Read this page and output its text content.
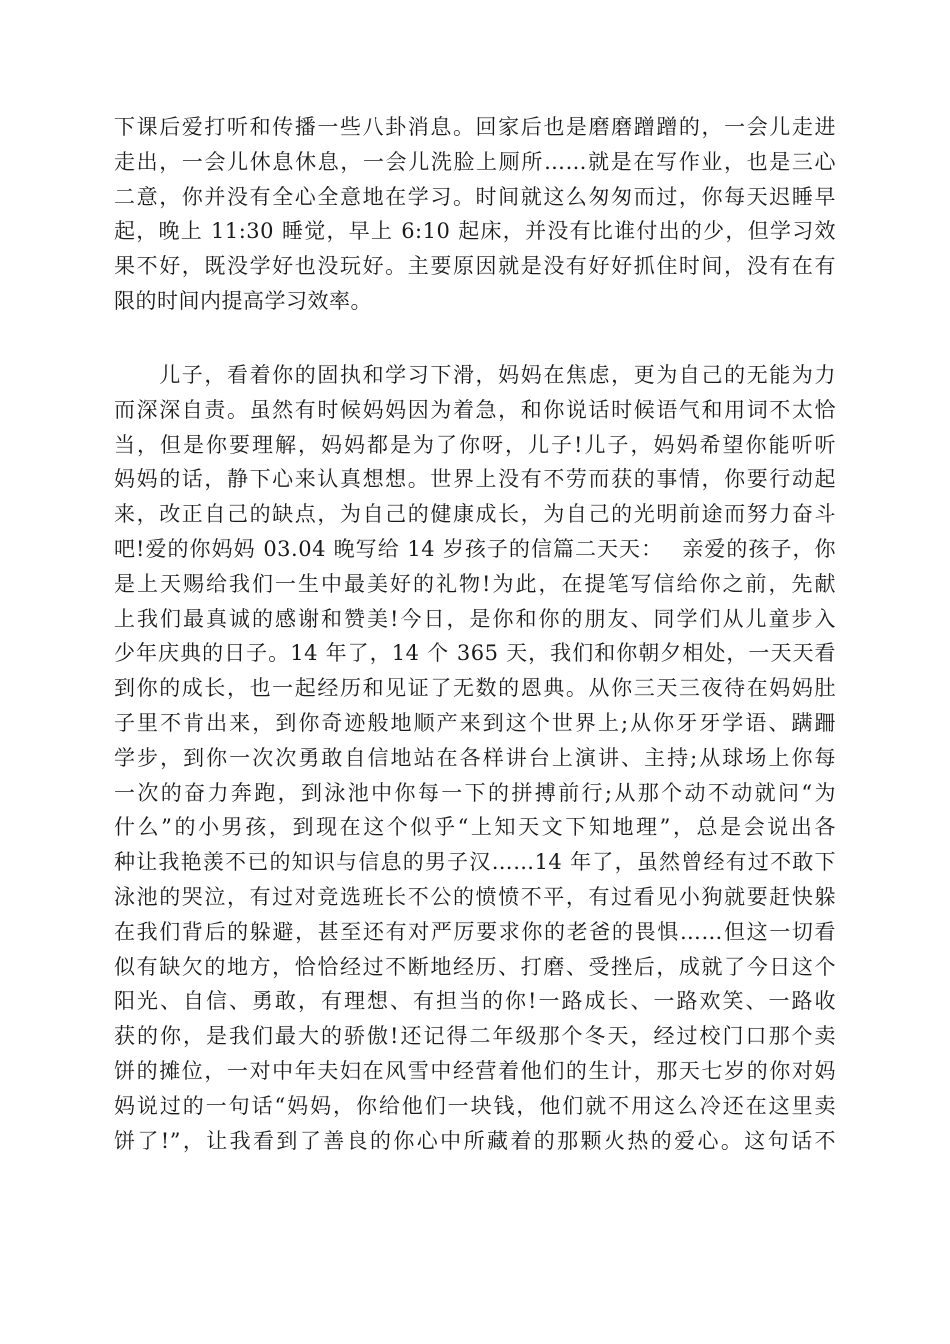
下课后爱打听和传播一些八卦消息。回家后也是磨磨蹭蹭的，一会儿走进
走出，一会儿休息休息，一会儿洗脸上厕所……就是在写作业，也是三心
二意，你并没有全心全意地在学习。时间就这么匆匆而过，你每天迟睡早
起，晚上 11:30 睡觉，早上 6:10 起床，并没有比谁付出的少，但学习效
果不好，既没学好也没玩好。主要原因就是没有好好抓住时间，没有在有
限的时间内提高学习效率。
　　儿子，看着你的固执和学习下滑，妈妈在焦虑，更为自己的无能为力
而深深自责。虽然有时候妈妈因为着急，和你说话时候语气和用词不太恰
当，但是你要理解，妈妈都是为了你呀，儿子!儿子，妈妈希望你能听听
妈妈的话，静下心来认真想想。世界上没有不劳而获的事情，你要行动起
来，改正自己的缺点，为自己的健康成长，为自己的光明前途而努力奋斗
吧!爱的你妈妈 03.04 晚写给 14 岁孩子的信篇二天天：　 亲爱的孩子，你
是上天赐给我们一生中最美好的礼物!为此，在提笔写信给你之前，先献
上我们最真诚的感谢和赞美!今日，是你和你的朋友、同学们从儿童步入
少年庆典的日子。14 年了，14 个 365 天，我们和你朝夕相处，一天天看
到你的成长，也一起经历和见证了无数的恩典。从你三天三夜待在妈妈肚
子里不肯出来，到你奇迹般地顺产来到这个世界上;从你牙牙学语、蹒跚
学步，到你一次次勇敢自信地站在各样讲台上演讲、主持;从球场上你每
一次的奋力奔跑，到泳池中你每一下的拼搏前行;从那个动不动就问“为
什么”的小男孩，到现在这个似乎“上知天文下知地理”，总是会说出各
种让我艳羡不已的知识与信息的男子汉……14 年了，虽然曾经有过不敢下
泳池的哭泣，有过对竞选班长不公的愤愤不平，有过看见小狗就要赶快躲
在我们背后的躲避，甚至还有对严厉要求你的老爸的畏惧……但这一切看
似有缺欠的地方，恰恰经过不断地经历、打磨、受挫后，成就了今日这个
阳光、自信、勇敢，有理想、有担当的你!一路成长、一路欢笑、一路收
获的你，是我们最大的骄傲!还记得二年级那个冬天，经过校门口那个卖
饼的摊位，一对中年夫妇在风雪中经营着他们的生计，那天七岁的你对妈
妈说过的一句话“妈妈，你给他们一块钱，他们就不用这么冷还在这里卖
饼了!”，让我看到了善良的你心中所藏着的那颗火热的爱心。这句话不
